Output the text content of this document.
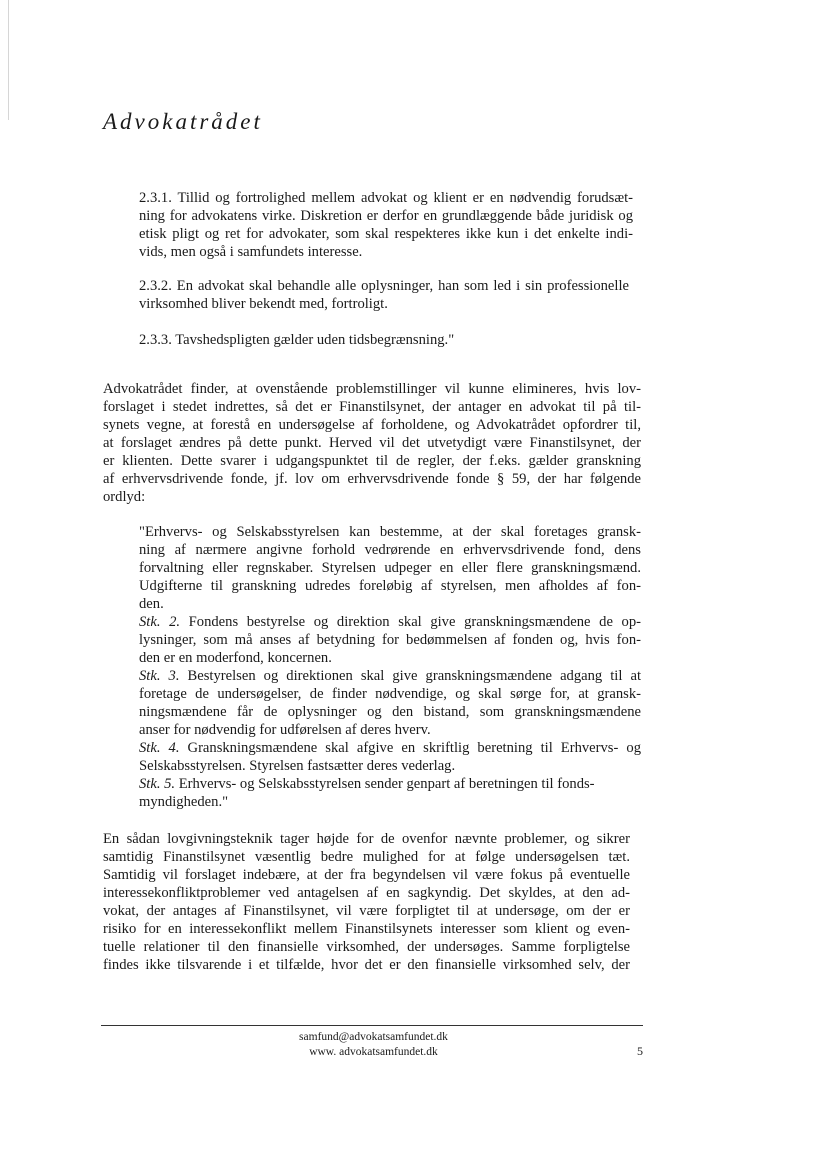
Advokatrådet
2.3.1. Tillid og fortrolighed mellem advokat og klient er en nødvendig forudsæt-
ning for advokatens virke. Diskretion er derfor en grundlæggende både juridisk og
etisk pligt og ret for advokater, som skal respekteres ikke kun i det enkelte indi-
vids, men også i samfundets interesse.
2.3.2. En advokat skal behandle alle oplysninger, han som led i sin professionelle
virksomhed bliver bekendt med, fortroligt.
2.3.3. Tavshedspligten gælder uden tidsbegrænsning."
Advokatrådet finder, at ovenstående problemstillinger vil kunne elimineres, hvis lov-
forslaget i stedet indrettes, så det er Finanstilsynet, der antager en advokat til på til-
synets vegne, at forestå en undersøgelse af forholdene, og Advokatrådet opfordrer til,
at forslaget ændres på dette punkt. Herved vil det utvetydigt være Finanstilsynet, der
er klienten. Dette svarer i udgangspunktet til de regler, der f.eks. gælder granskning
af erhvervsdrivende fonde, jf. lov om erhvervsdrivende fonde § 59, der har følgende
ordlyd:
"Erhvervs- og Selskabsstyrelsen kan bestemme, at der skal foretages gransk-
ning af nærmere angivne forhold vedrørende en erhvervsdrivende fond, dens
forvaltning eller regnskaber. Styrelsen udpeger en eller flere granskningsmænd.
Udgifterne til granskning udredes foreløbig af styrelsen, men afholdes af fon-
den.
Stk. 2. Fondens bestyrelse og direktion skal give granskningsmændene de op-
lysninger, som må anses af betydning for bedømmelsen af fonden og, hvis fon-
den er en moderfond, koncernen.
Stk. 3. Bestyrelsen og direktionen skal give granskningsmændene adgang til at
foretage de undersøgelser, de finder nødvendige, og skal sørge for, at gransk-
ningsmændene får de oplysninger og den bistand, som granskningsmændene
anser for nødvendig for udførelsen af deres hverv.
Stk. 4. Granskningsmændene skal afgive en skriftlig beretning til Erhvervs- og
Selskabsstyrelsen. Styrelsen fastsætter deres vederlag.
Stk. 5. Erhvervs- og Selskabsstyrelsen sender genpart af beretningen til fonds-
myndigheden."
En sådan lovgivningsteknik tager højde for de ovenfor nævnte problemer, og sikrer
samtidig Finanstilsynet væsentlig bedre mulighed for at følge undersøgelsen tæt.
Samtidig vil forslaget indebære, at der fra begyndelsen vil være fokus på eventuelle
interessekonfliktproblemer ved antagelsen af en sagkyndig. Det skyldes, at den ad-
vokat, der antages af Finanstilsynet, vil være forpligtet til at undersøge, om der er
risiko for en interessekonflikt mellem Finanstilsynets interesser som klient og even-
tuelle relationer til den finansielle virksomhed, der undersøges. Samme forpligtelse
findes ikke tilsvarende i et tilfælde, hvor det er den finansielle virksomhed selv, der
samfund@advokatsamfundet.dk
www. advokatsamfundet.dk	5
